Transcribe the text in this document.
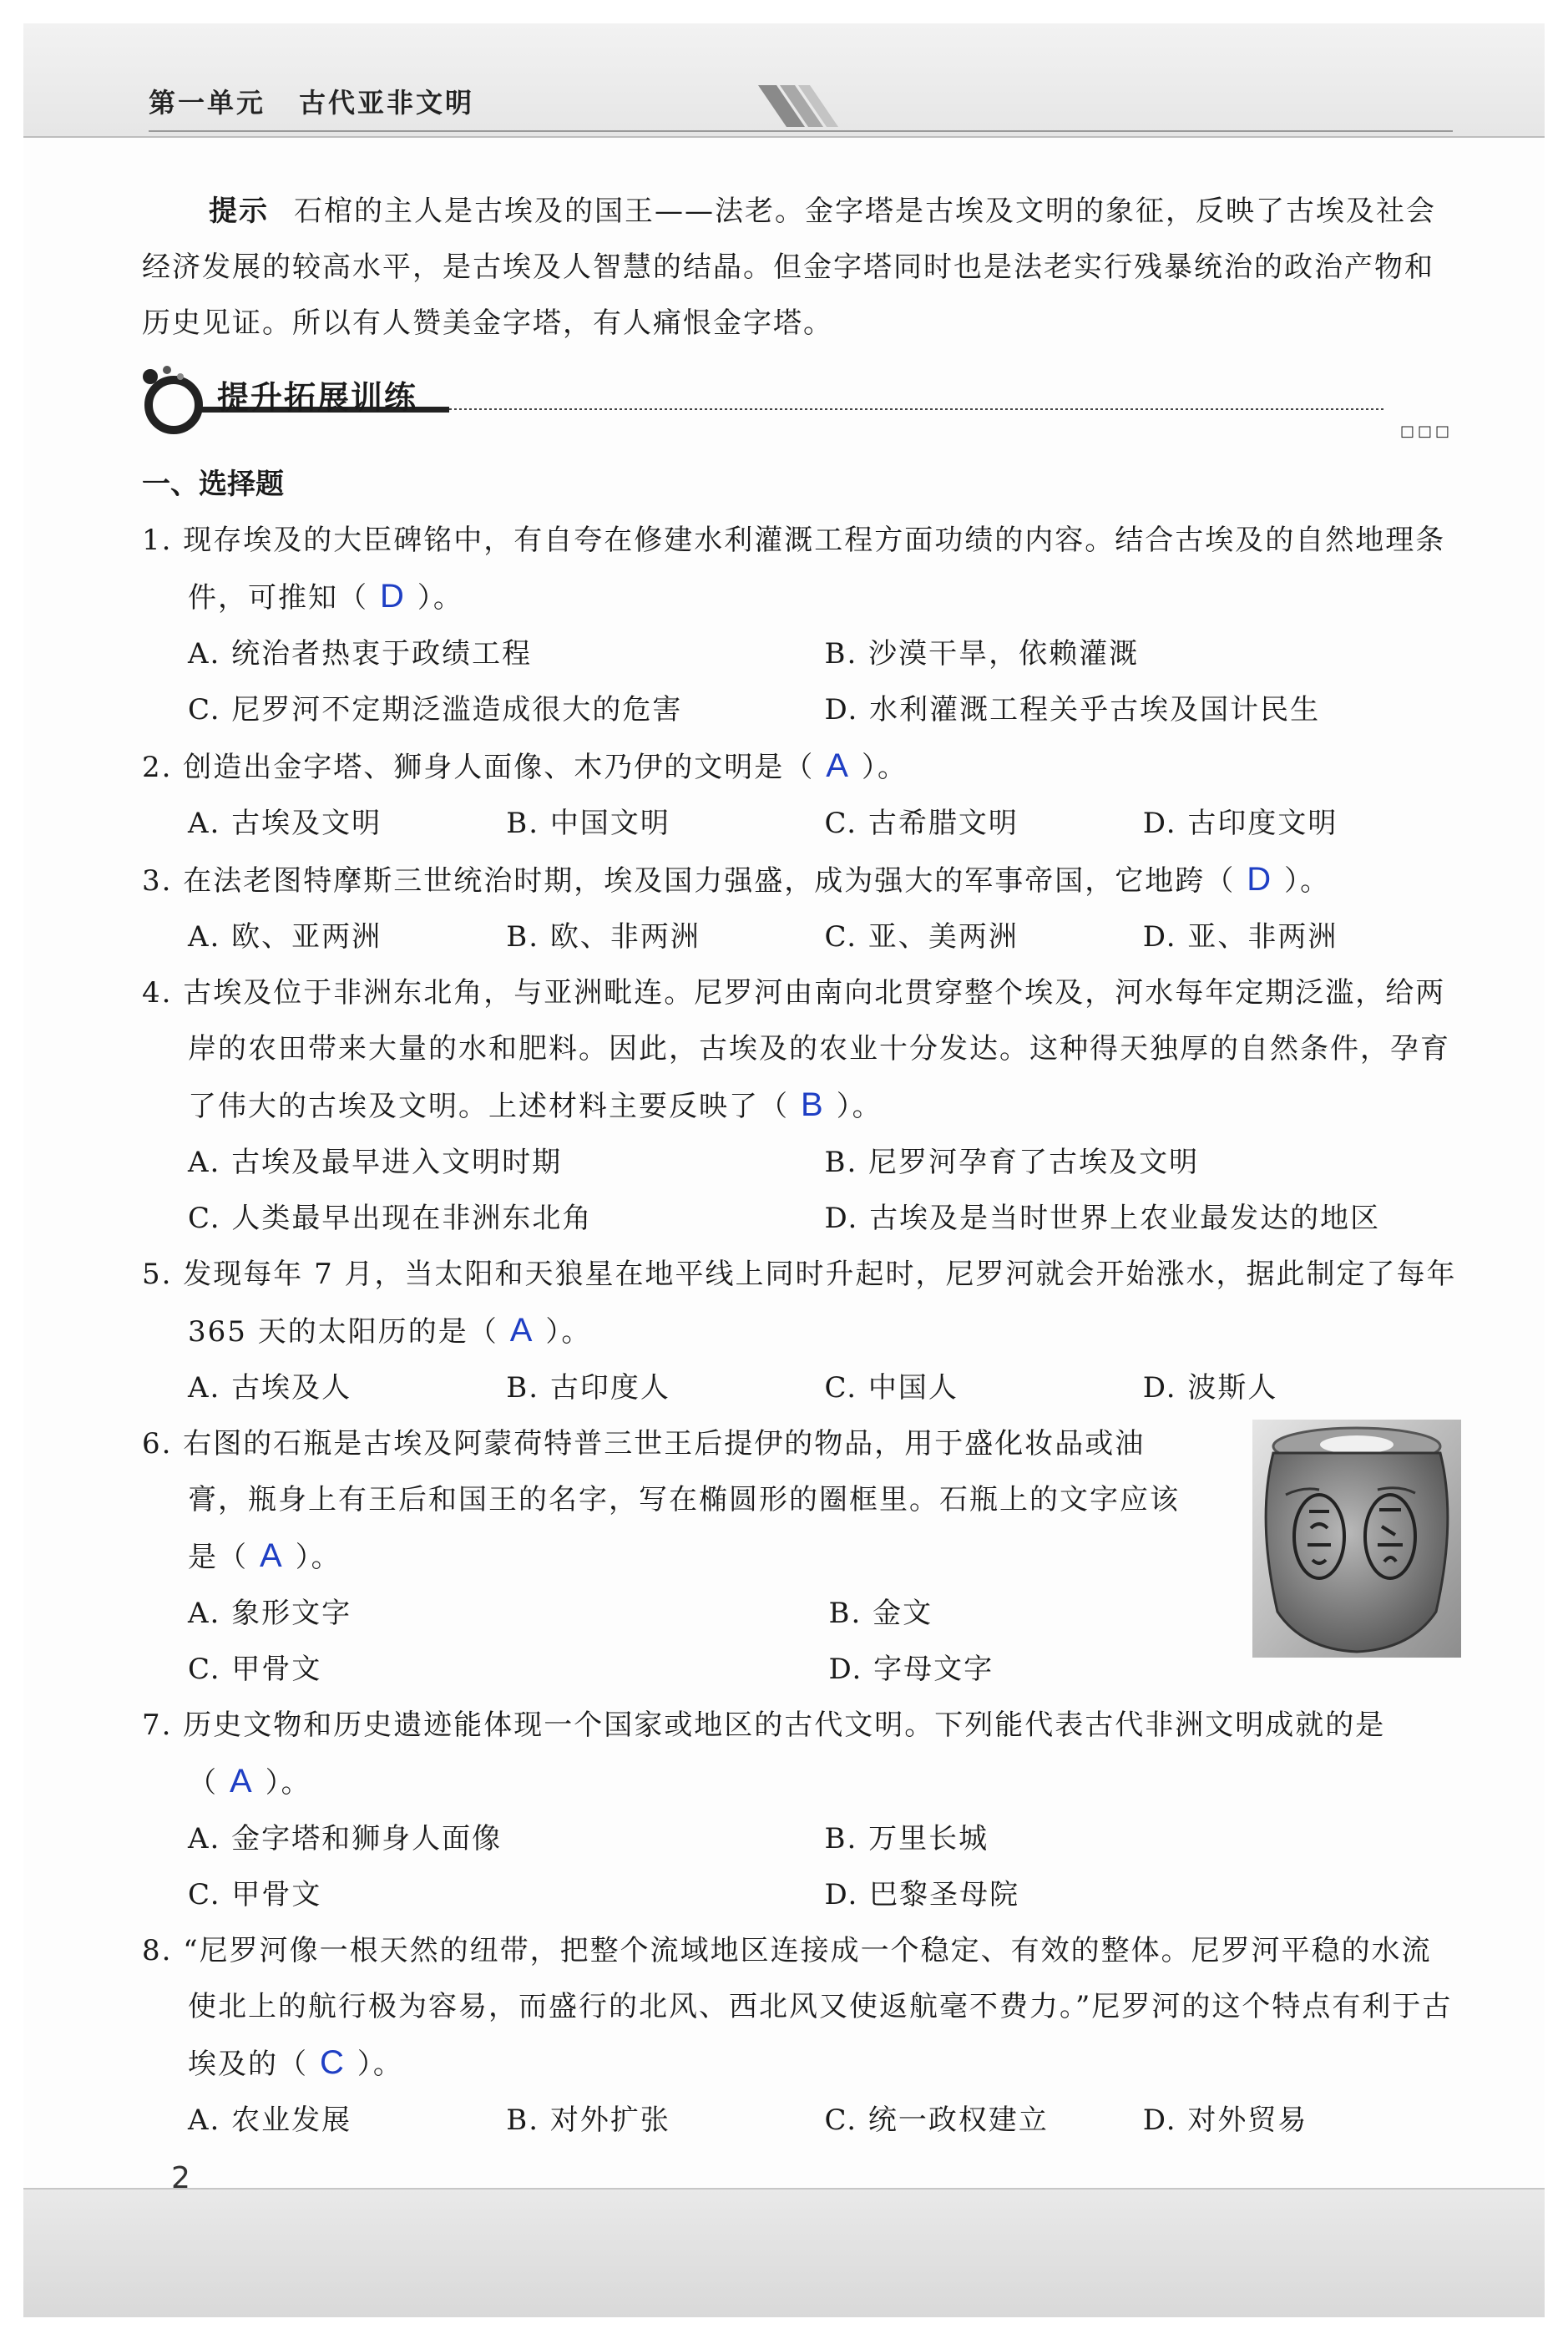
第一单元 古代亚非文明

提示 石棺的主人是古埃及的国王——法老。金字塔是古埃及文明的象征，反映了古埃及社会经济发展的较高水平，是古埃及人智慧的结晶。但金字塔同时也是法老实行残暴统治的政治产物和历史见证。所以有人赞美金字塔，有人痛恨金字塔。

提升拓展训练
□□□

一、选择题

1. 现存埃及的大臣碑铭中，有自夸在修建水利灌溉工程方面功绩的内容。结合古埃及的自然地理条件，可推知（ D ）。

A. 统治者热衷于政绩工程	B. 沙漠干旱，依赖灌溉
C. 尼罗河不定期泛滥造成很大的危害	D. 水利灌溉工程关乎古埃及国计民生

2. 创造出金字塔、狮身人面像、木乃伊的文明是（ A ）。

A. 古埃及文明	B. 中国文明	C. 古希腊文明	D. 古印度文明

3. 在法老图特摩斯三世统治时期，埃及国力强盛，成为强大的军事帝国，它地跨（ D ）。

A. 欧、亚两洲	B. 欧、非两洲	C. 亚、美两洲	D. 亚、非两洲

4. 古埃及位于非洲东北角，与亚洲毗连。尼罗河由南向北贯穿整个埃及，河水每年定期泛滥，给两岸的农田带来大量的水和肥料。因此，古埃及的农业十分发达。这种得天独厚的自然条件，孕育了伟大的古埃及文明。上述材料主要反映了（ B ）。

A. 古埃及最早进入文明时期	B. 尼罗河孕育了古埃及文明
C. 人类最早出现在非洲东北角	D. 古埃及是当时世界上农业最发达的地区

5. 发现每年 7 月，当太阳和天狼星在地平线上同时升起时，尼罗河就会开始涨水，据此制定了每年 365 天的太阳历的是（ A ）。

A. 古埃及人	B. 古印度人	C. 中国人	D. 波斯人

6. 右图的石瓶是古埃及阿蒙荷特普三世王后提伊的物品，用于盛化妆品或油膏，瓶身上有王后和国王的名字，写在椭圆形的圈框里。石瓶上的文字应该是（ A ）。

A. 象形文字	B. 金文
C. 甲骨文	D. 字母文字

7. 历史文物和历史遗迹能体现一个国家或地区的古代文明。下列能代表古代非洲文明成就的是（ A ）。

A. 金字塔和狮身人面像	B. 万里长城
C. 甲骨文	D. 巴黎圣母院

8. “尼罗河像一根天然的纽带，把整个流域地区连接成一个稳定、有效的整体。尼罗河平稳的水流使北上的航行极为容易，而盛行的北风、西北风又使返航毫不费力。”尼罗河的这个特点有利于古埃及的（ C ）。

A. 农业发展	B. 对外扩张	C. 统一政权建立	D. 对外贸易
2
